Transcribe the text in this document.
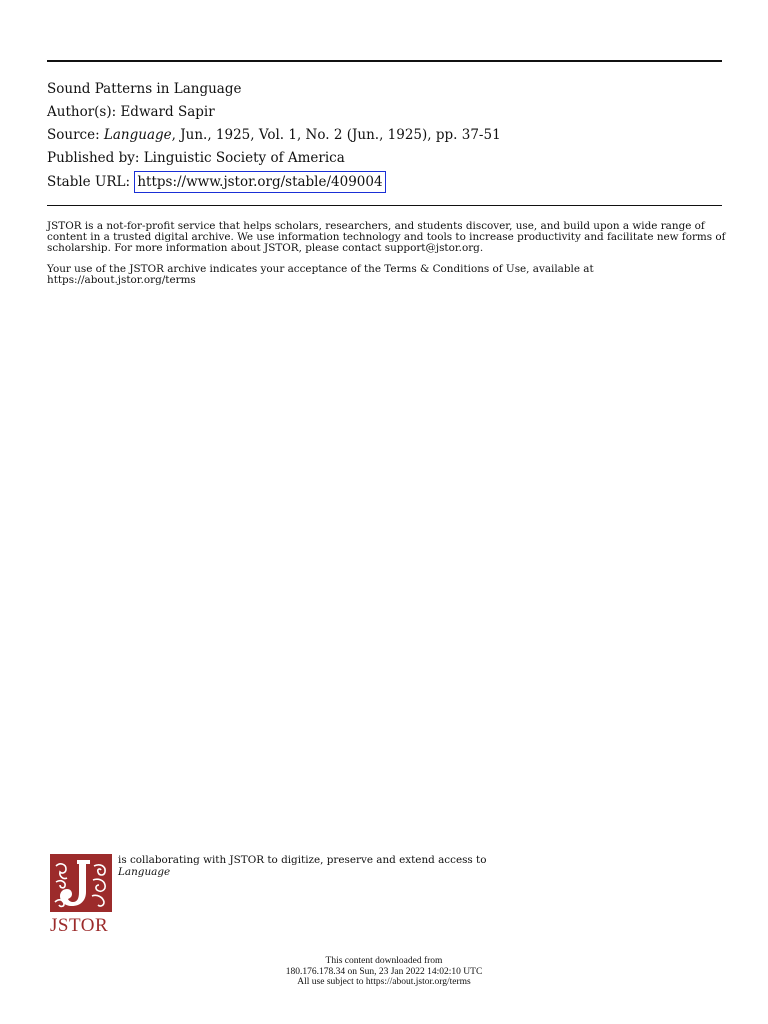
Sound Patterns in Language
Author(s): Edward Sapir
Source: Language, Jun., 1925, Vol. 1, No. 2 (Jun., 1925), pp. 37-51
Published by: Linguistic Society of America
Stable URL: https://www.jstor.org/stable/409004

JSTOR is a not-for-profit service that helps scholars, researchers, and students discover, use, and build upon a wide range of content in a trusted digital archive. We use information technology and tools to increase productivity and facilitate new forms of scholarship. For more information about JSTOR, please contact support@jstor.org.

Your use of the JSTOR archive indicates your acceptance of the Terms & Conditions of Use, available at https://about.jstor.org/terms

JSTOR
is collaborating with JSTOR to digitize, preserve and extend access to
Language
This content downloaded from
180.176.178.34 on Sun, 23 Jan 2022 14:02:10 UTC
All use subject to https://about.jstor.org/terms
